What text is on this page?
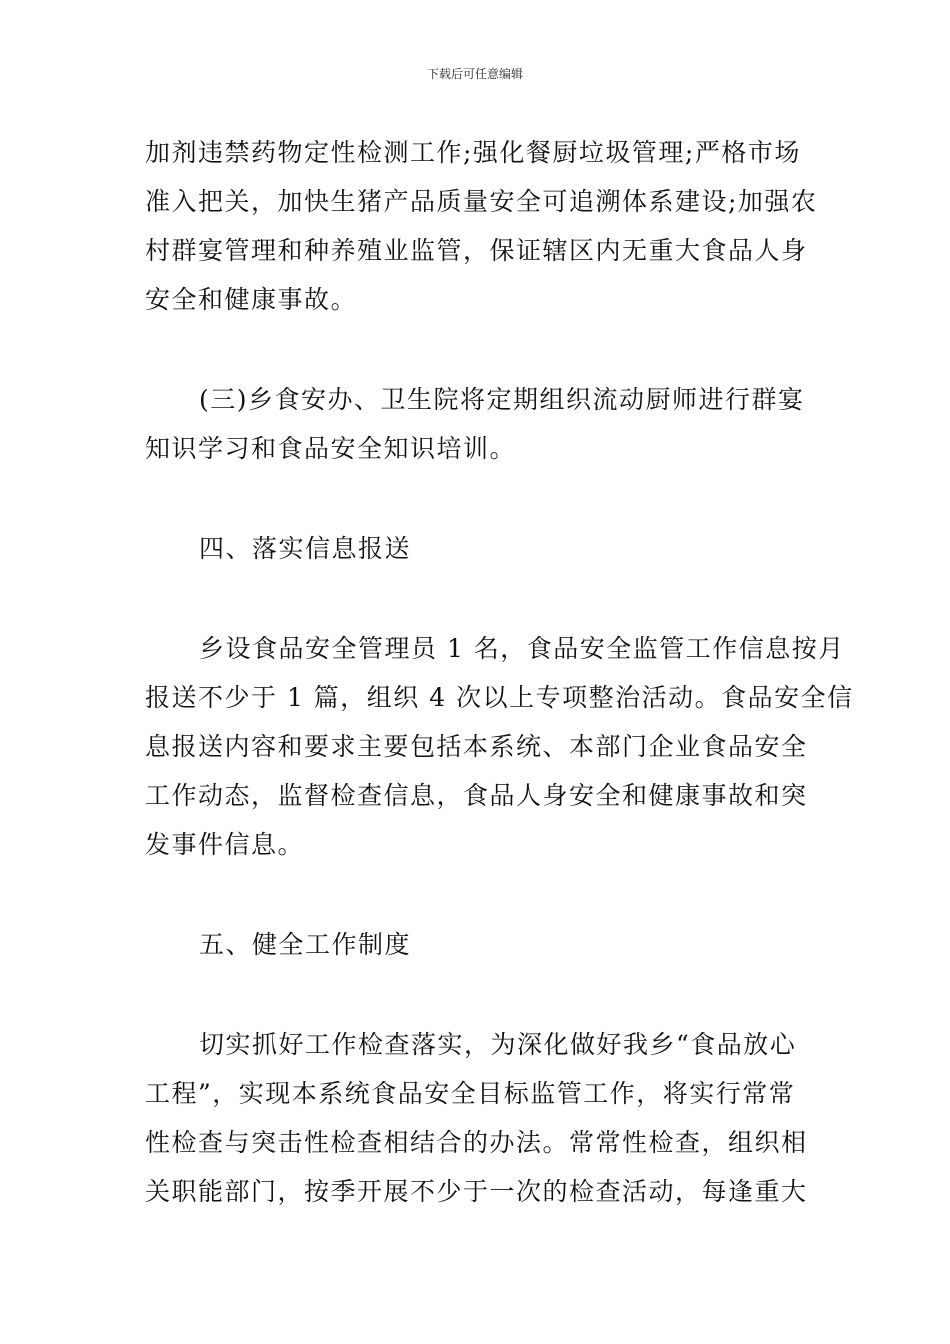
下载后可任意编辑
加剂违禁药物定性检测工作;强化餐厨垃圾管理;严格市场
准入把关，加快生猪产品质量安全可追溯体系建设;加强农
村群宴管理和种养殖业监管，保证辖区内无重大食品人身
安全和健康事故。
(三)乡食安办、卫生院将定期组织流动厨师进行群宴
知识学习和食品安全知识培训。
四、落实信息报送
乡设食品安全管理员 1 名，食品安全监管工作信息按月
报送不少于 1 篇，组织 4 次以上专项整治活动。食品安全信
息报送内容和要求主要包括本系统、本部门企业食品安全
工作动态，监督检查信息，食品人身安全和健康事故和突
发事件信息。
五、健全工作制度
切实抓好工作检查落实，为深化做好我乡“食品放心
工程”，实现本系统食品安全目标监管工作，将实行常常
性检查与突击性检查相结合的办法。常常性检查，组织相
关职能部门，按季开展不少于一次的检查活动，每逢重大
